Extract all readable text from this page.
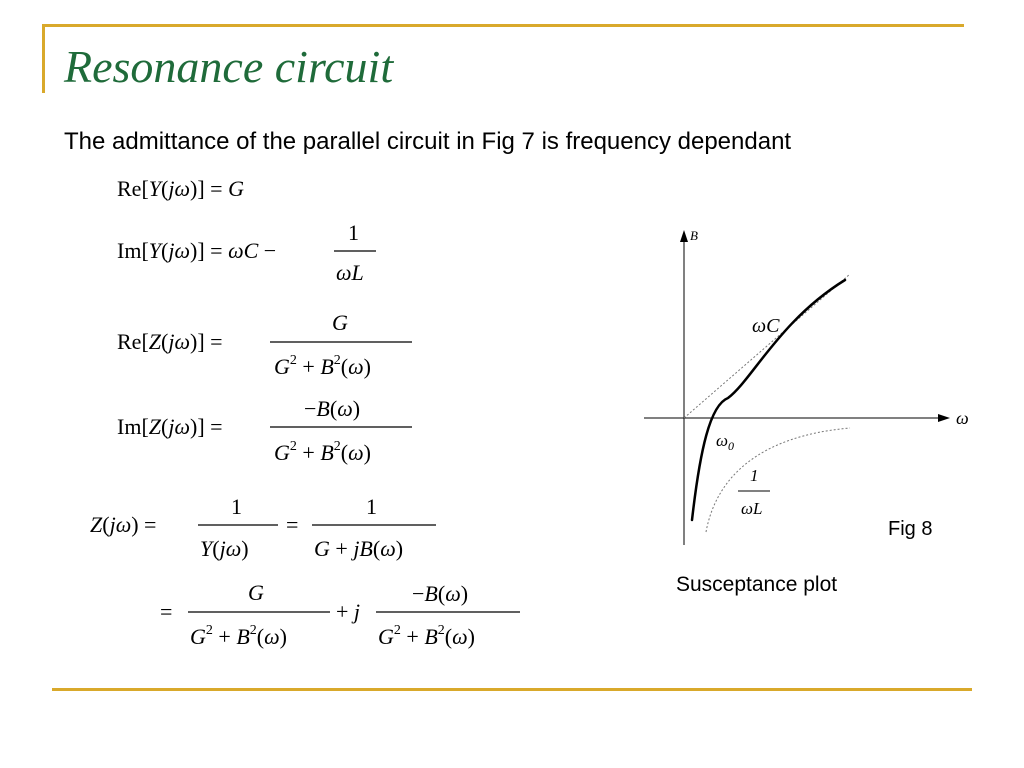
Resonance circuit
The admittance of the parallel circuit in Fig 7 is frequency dependant
Re[Y(jω)] = G
Im[Y(jω)] = ωC −
1
ωL
Re[Z(jω)] =
G
$G^2 + B^2(\omega)$
Im[Z(jω)] =
−B(ω)
$G^2 + B^2(\omega)$
Z(jω) =
1
Y(jω)
=
1
G + jB(ω)
=
G
$G^2 + B^2(\omega)$
+ j
−B(ω)
$G^2 + B^2(\omega)$
B
ω
ωC
$\omega_0$
1
ωL
Fig 8
Susceptance plot
